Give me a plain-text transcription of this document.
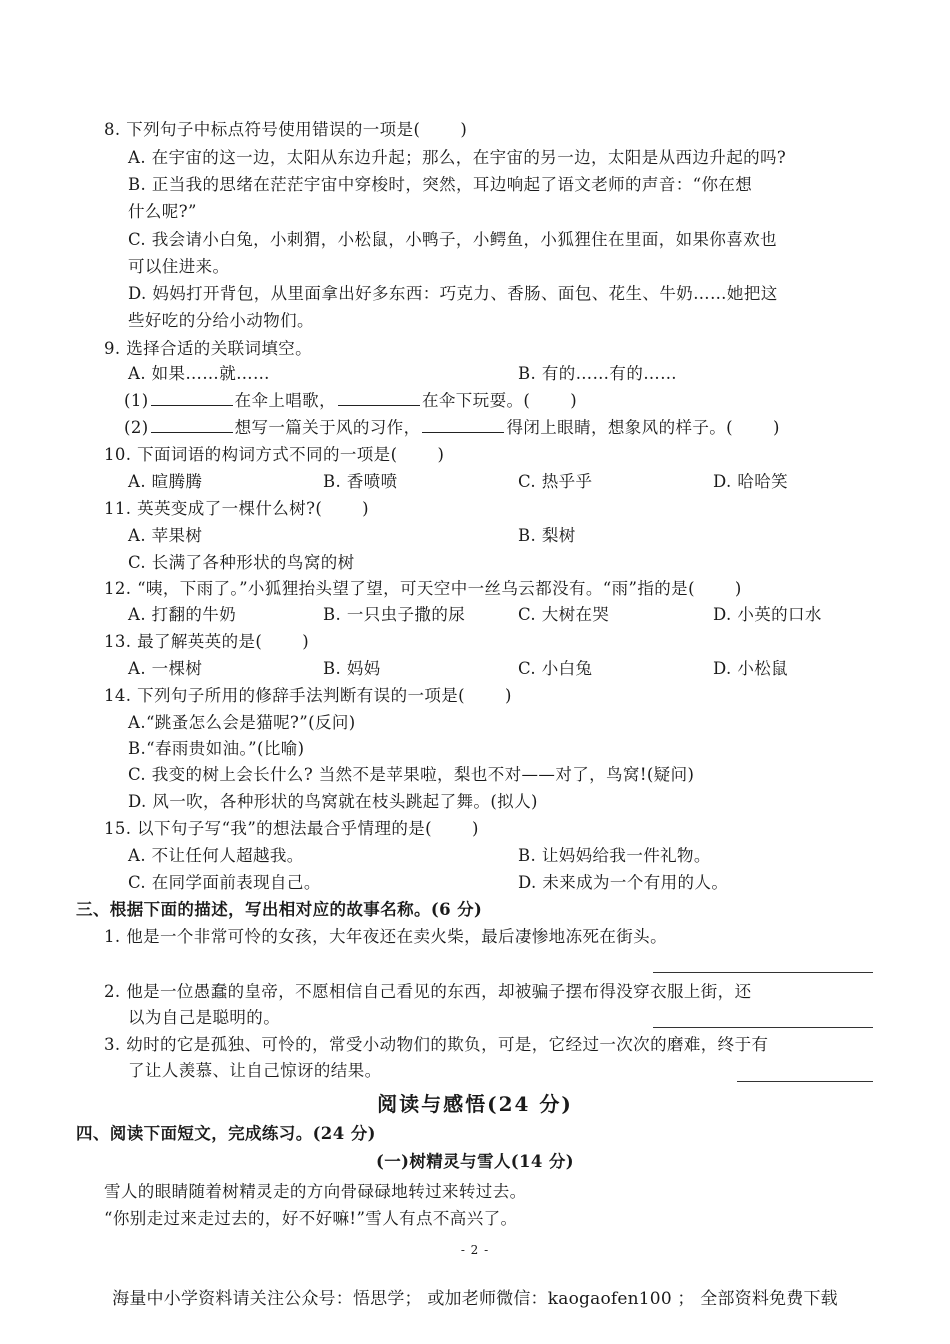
8. 下列句子中标点符号使用错误的一项是( )
A. 在宇宙的这一边，太阳从东边升起；那么，在宇宙的另一边，太阳是从西边升起的吗?
B. 正当我的思绪在茫茫宇宙中穿梭时，突然，耳边响起了语文老师的声音：“你在想
什么呢?”
C. 我会请小白兔，小刺猬，小松鼠，小鸭子，小鳄鱼，小狐狸住在里面，如果你喜欢也
可以住进来。
D. 妈妈打开背包，从里面拿出好多东西：巧克力、香肠、面包、花生、牛奶……她把这
些好吃的分给小动物们。
9. 选择合适的关联词填空。
A. 如果……就……	B. 有的……有的……
(1)	在伞上唱歌，	在伞下玩耍。( )
(2)	想写一篇关于风的习作，	得闭上眼睛，想象风的样子。( )
10. 下面词语的构词方式不同的一项是( )
A. 暄腾腾	B. 香喷喷	C. 热乎乎	D. 哈哈笑
11. 英英变成了一棵什么树?( )
A. 苹果树	B. 梨树
C. 长满了各种形状的鸟窝的树
12. “咦，下雨了。”小狐狸抬头望了望，可天空中一丝乌云都没有。“雨”指的是( )
A. 打翻的牛奶	B. 一只虫子撒的尿	C. 大树在哭	D. 小英的口水
13. 最了解英英的是( )
A. 一棵树	B. 妈妈	C. 小白兔	D. 小松鼠
14. 下列句子所用的修辞手法判断有误的一项是( )
A.“跳蚤怎么会是猫呢?”(反问)
B.“春雨贵如油。”(比喻)
C. 我变的树上会长什么? 当然不是苹果啦，梨也不对——对了，鸟窝!(疑问)
D. 风一吹，各种形状的鸟窝就在枝头跳起了舞。(拟人)
15. 以下句子写“我”的想法最合乎情理的是( )
A. 不让任何人超越我。	B. 让妈妈给我一件礼物。
C. 在同学面前表现自己。	D. 未来成为一个有用的人。
三、根据下面的描述，写出相对应的故事名称。(6 分)
1. 他是一个非常可怜的女孩，大年夜还在卖火柴，最后凄惨地冻死在街头。
2. 他是一位愚蠢的皇帝，不愿相信自己看见的东西，却被骗子摆布得没穿衣服上街，还
以为自己是聪明的。
3. 幼时的它是孤独、可怜的，常受小动物们的欺负，可是，它经过一次次的磨难，终于有
了让人羡慕、让自己惊讶的结果。
阅读与感悟(24 分)
四、阅读下面短文，完成练习。(24 分)
(一)树精灵与雪人(14 分)
雪人的眼睛随着树精灵走的方向骨碌碌地转过来转过去。
“你别走过来走过去的，好不好嘛!”雪人有点不高兴了。
- 2 -
海量中小学资料请关注公众号：悟思学； 或加老师微信：kaogaofen100 ； 全部资料免费下载
